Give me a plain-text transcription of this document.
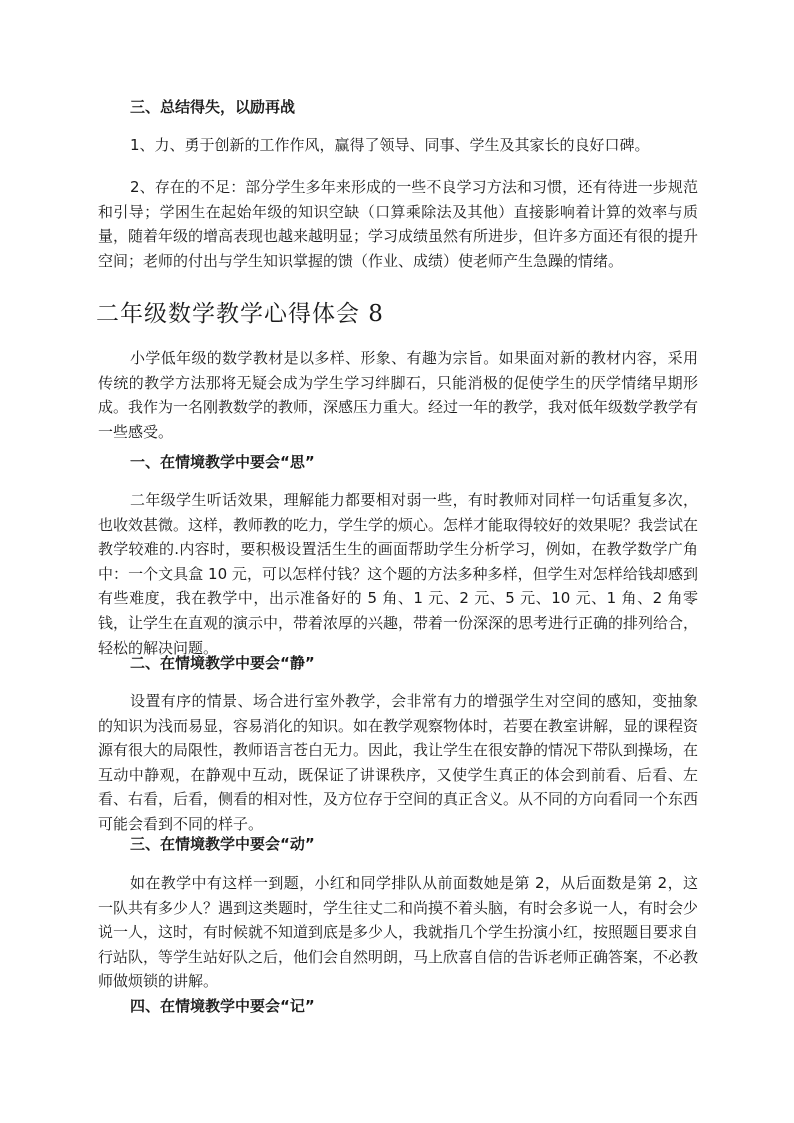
三、总结得失，以励再战

1、力、勇于创新的工作作风，赢得了领导、同事、学生及其家长的良好口碑。

2、存在的不足：部分学生多年来形成的一些不良学习方法和习惯，还有待进一步规范和引导；学困生在起始年级的知识空缺（口算乘除法及其他）直接影响着计算的效率与质量，随着年级的增高表现也越来越明显；学习成绩虽然有所进步，但许多方面还有很的提升空间；老师的付出与学生知识掌握的馈（作业、成绩）使老师产生急躁的情绪。

二年级数学教学心得体会 8

小学低年级的数学教材是以多样、形象、有趣为宗旨。如果面对新的教材内容，采用传统的教学方法那将无疑会成为学生学习绊脚石，只能消极的促使学生的厌学情绪早期形成。我作为一名刚教数学的教师，深感压力重大。经过一年的教学，我对低年级数学教学有一些感受。

一、在情境教学中要会“思”

二年级学生听话效果，理解能力都要相对弱一些，有时教师对同样一句话重复多次，也收效甚微。这样，教师教的吃力，学生学的烦心。怎样才能取得较好的效果呢？我尝试在教学较难的.内容时，要积极设置活生生的画面帮助学生分析学习，例如，在教学数学广角中：一个文具盒 10 元，可以怎样付钱？这个题的方法多种多样，但学生对怎样给钱却感到有些难度，我在教学中，出示准备好的 5 角、1 元、2 元、5 元、10 元、1 角、2 角零钱，让学生在直观的演示中，带着浓厚的兴趣，带着一份深深的思考进行正确的排列给合，轻松的解决问题。

二、在情境教学中要会“静”

设置有序的情景、场合进行室外教学，会非常有力的增强学生对空间的感知，变抽象的知识为浅而易显，容易消化的知识。如在教学观察物体时，若要在教室讲解，显的课程资源有很大的局限性，教师语言苍白无力。因此，我让学生在很安静的情况下带队到操场，在互动中静观，在静观中互动，既保证了讲课秩序，又使学生真正的体会到前看、后看、左看、右看，后看，侧看的相对性，及方位存于空间的真正含义。从不同的方向看同一个东西可能会看到不同的样子。

三、在情境教学中要会“动”

如在教学中有这样一到题，小红和同学排队从前面数她是第 2，从后面数是第 2，这一队共有多少人？遇到这类题时，学生往丈二和尚摸不着头脑，有时会多说一人，有时会少说一人，这时，有时候就不知道到底是多少人，我就指几个学生扮演小红，按照题目要求自行站队，等学生站好队之后，他们会自然明朗，马上欣喜自信的告诉老师正确答案，不必教师做烦锁的讲解。

四、在情境教学中要会“记”
